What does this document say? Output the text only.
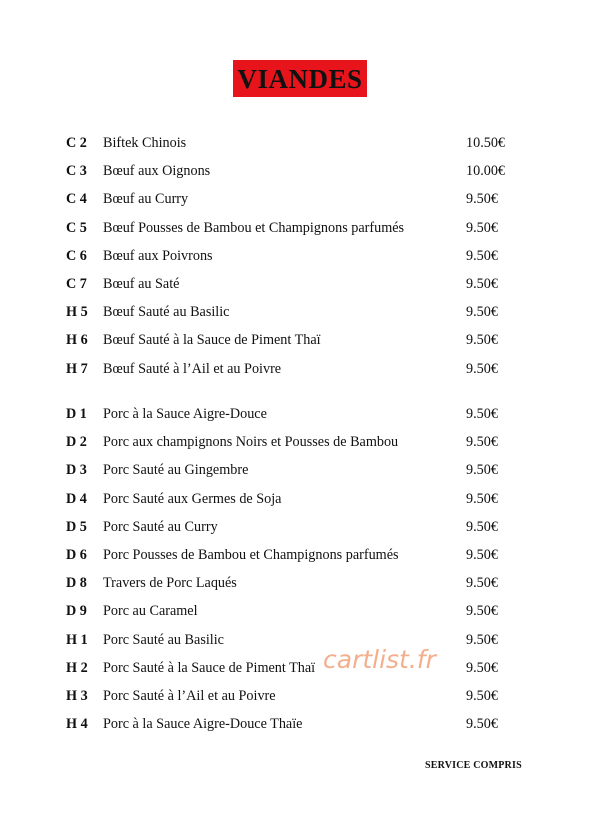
VIANDES
C 2 Biftek Chinois	10.50€
C 3 Bœuf aux Oignons	10.00€
C 4 Bœuf au Curry	9.50€
C 5 Bœuf Pousses de Bambou et Champignons parfumés	9.50€
C 6 Bœuf aux Poivrons	9.50€
C 7 Bœuf au Saté	9.50€
H 5 Bœuf Sauté au Basilic	9.50€
H 6 Bœuf Sauté à la Sauce de Piment Thaï	9.50€
H 7 Bœuf Sauté à l’Ail et au Poivre	9.50€
D 1 Porc à la Sauce Aigre-Douce	9.50€
D 2 Porc aux champignons Noirs et Pousses de Bambou	9.50€
D 3 Porc Sauté au Gingembre	9.50€
D 4 Porc Sauté aux Germes de Soja	9.50€
D 5 Porc Sauté au Curry	9.50€
D 6 Porc Pousses de Bambou et Champignons parfumés	9.50€
D 8 Travers de Porc Laqués	9.50€
D 9 Porc au Caramel	9.50€
H 1 Porc Sauté au Basilic	9.50€
H 2 Porc Sauté à la Sauce de Piment Thaï	9.50€
H 3 Porc Sauté à l’Ail et au Poivre	9.50€
H 4 Porc à la Sauce Aigre-Douce Thaïe	9.50€
cartlist.fr
SERVICE COMPRIS
